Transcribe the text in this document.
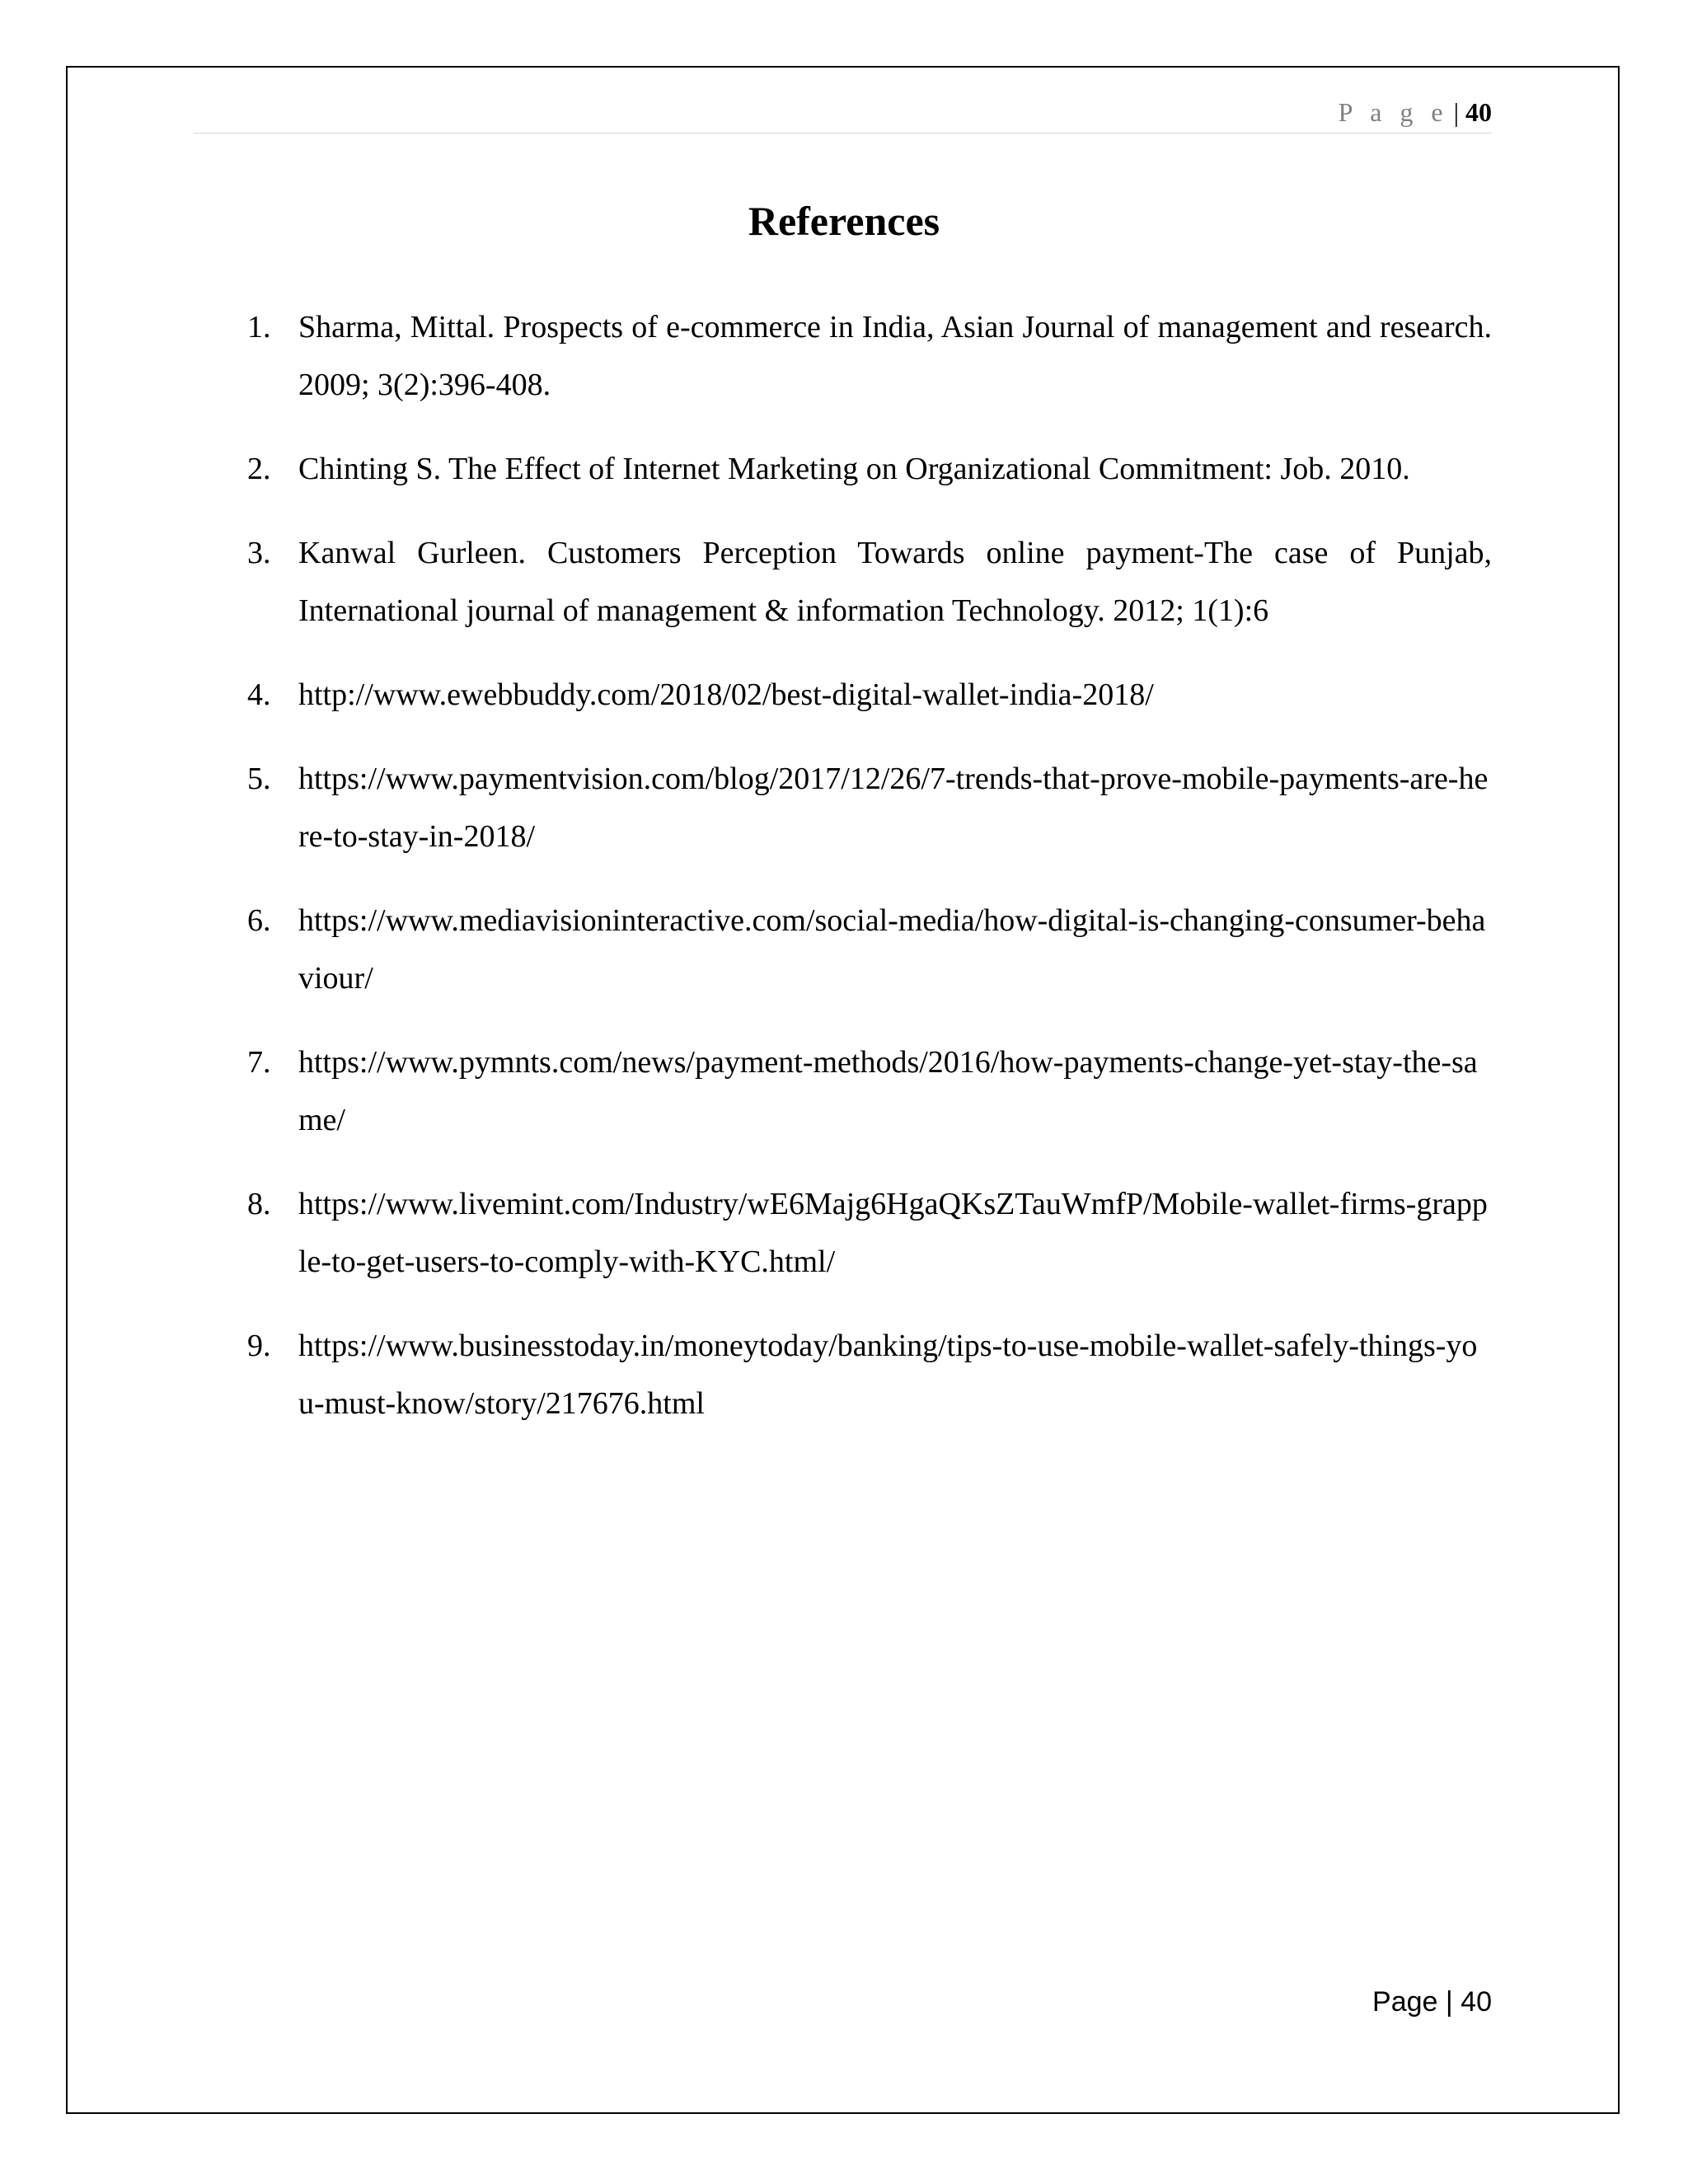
P a g e | 40
References
1. Sharma, Mittal. Prospects of e-commerce in India, Asian Journal of management and research. 2009; 3(2):396-408.
2. Chinting S. The Effect of Internet Marketing on Organizational Commitment: Job. 2010.
3. Kanwal Gurleen. Customers Perception Towards online payment-The case of Punjab, International journal of management & information Technology. 2012; 1(1):6
4. http://www.ewebbuddy.com/2018/02/best-digital-wallet-india-2018/
5. https://www.paymentvision.com/blog/2017/12/26/7-trends-that-prove-mobile-payments-are-here-to-stay-in-2018/
6. https://www.mediavisioninteractive.com/social-media/how-digital-is-changing-consumer-behaviour/
7. https://www.pymnts.com/news/payment-methods/2016/how-payments-change-yet-stay-the-same/
8. https://www.livemint.com/Industry/wE6Majg6HgaQKsZTauWmfP/Mobile-wallet-firms-grapple-to-get-users-to-comply-with-KYC.html/
9. https://www.businesstoday.in/moneytoday/banking/tips-to-use-mobile-wallet-safely-things-you-must-know/story/217676.html
Page | 40
